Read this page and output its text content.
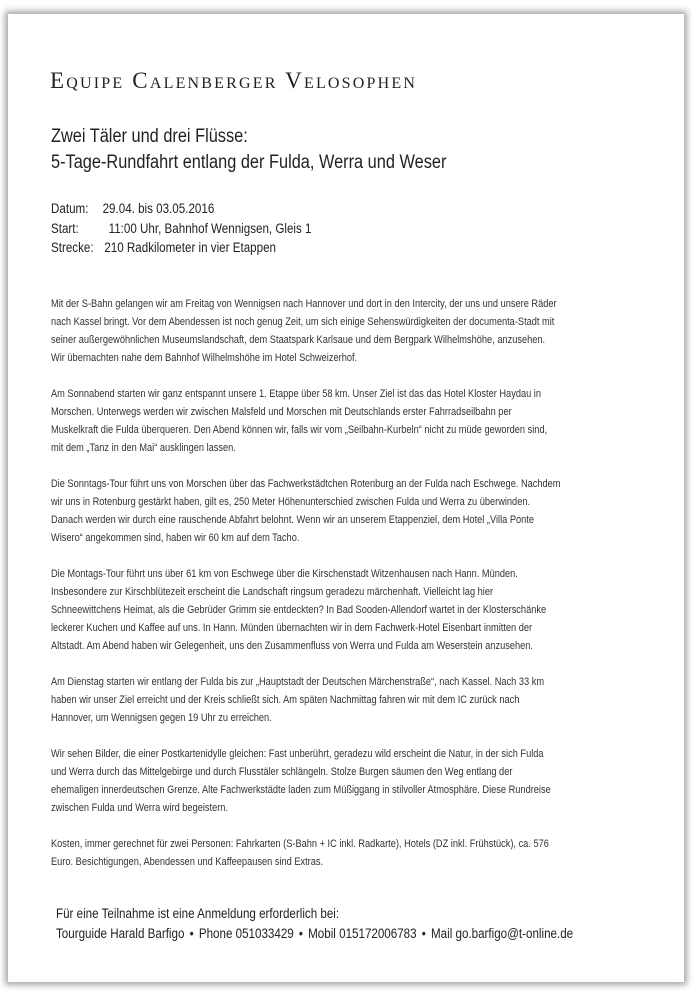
Equipe Calenberger Velosophen
Zwei Täler und drei Flüsse:
5-Tage-Rundfahrt entlang der Fulda, Werra und Weser
Datum:	29.04. bis 03.05.2016
Start:	11:00 Uhr, Bahnhof Wennigsen, Gleis 1
Strecke: 210 Radkilometer in vier Etappen

Mit der S-Bahn gelangen wir am Freitag von Wennigsen nach Hannover und dort in den Intercity, der uns und unsere Räder
nach Kassel bringt. Vor dem Abendessen ist noch genug Zeit, um sich einige Sehenswürdigkeiten der documenta-Stadt mit
seiner außergewöhnlichen Museumslandschaft, dem Staatspark Karlsaue und dem Bergpark Wilhelmshöhe, anzusehen.
Wir übernachten nahe dem Bahnhof Wilhelmshöhe im Hotel Schweizerhof.

Am Sonnabend starten wir ganz entspannt unsere 1. Etappe über 58 km. Unser Ziel ist das das Hotel Kloster Haydau in
Morschen. Unterwegs werden wir zwischen Malsfeld und Morschen mit Deutschlands erster Fahrradseilbahn per
Muskelkraft die Fulda überqueren. Den Abend können wir, falls wir vom „Seilbahn-Kurbeln“ nicht zu müde geworden sind,
mit dem „Tanz in den Mai“ ausklingen lassen.

Die Sonntags-Tour führt uns von Morschen über das Fachwerkstädtchen Rotenburg an der Fulda nach Eschwege. Nachdem
wir uns in Rotenburg gestärkt haben, gilt es, 250 Meter Höhenunterschied zwischen Fulda und Werra zu überwinden.
Danach werden wir durch eine rauschende Abfahrt belohnt. Wenn wir an unserem Etappenziel, dem Hotel „Villa Ponte
Wisero“ angekommen sind, haben wir 60 km auf dem Tacho.

Die Montags-Tour führt uns über 61 km von Eschwege über die Kirschenstadt Witzenhausen nach Hann. Münden.
Insbesondere zur Kirschblütezeit erscheint die Landschaft ringsum geradezu märchenhaft. Vielleicht lag hier
Schneewittchens Heimat, als die Gebrüder Grimm sie entdeckten? In Bad Sooden-Allendorf wartet in der Klosterschänke
leckerer Kuchen und Kaffee auf uns. In Hann. Münden übernachten wir in dem Fachwerk-Hotel Eisenbart inmitten der
Altstadt. Am Abend haben wir Gelegenheit, uns den Zusammenfluss von Werra und Fulda am Weserstein anzusehen.

Am Dienstag starten wir entlang der Fulda bis zur „Hauptstadt der Deutschen Märchenstraße“, nach Kassel. Nach 33 km
haben wir unser Ziel erreicht und der Kreis schließt sich. Am späten Nachmittag fahren wir mit dem IC zurück nach
Hannover, um Wennigsen gegen 19 Uhr zu erreichen.

Wir sehen Bilder, die einer Postkartenidylle gleichen: Fast unberührt, geradezu wild erscheint die Natur, in der sich Fulda
und Werra durch das Mittelgebirge und durch Flusstäler schlängeln. Stolze Burgen säumen den Weg entlang der
ehemaligen innerdeutschen Grenze. Alte Fachwerkstädte laden zum Müßiggang in stilvoller Atmosphäre. Diese Rundreise
zwischen Fulda und Werra wird begeistern.

Kosten, immer gerechnet für zwei Personen: Fahrkarten (S-Bahn + IC inkl. Radkarte), Hotels (DZ inkl. Frühstück), ca. 576
Euro. Besichtigungen, Abendessen und Kaffeepausen sind Extras.

Für eine Teilnahme ist eine Anmeldung erforderlich bei:
Tourguide Harald Barfigo • Phone 051033429 • Mobil 015172006783 • Mail go.barfigo@t-online.de
